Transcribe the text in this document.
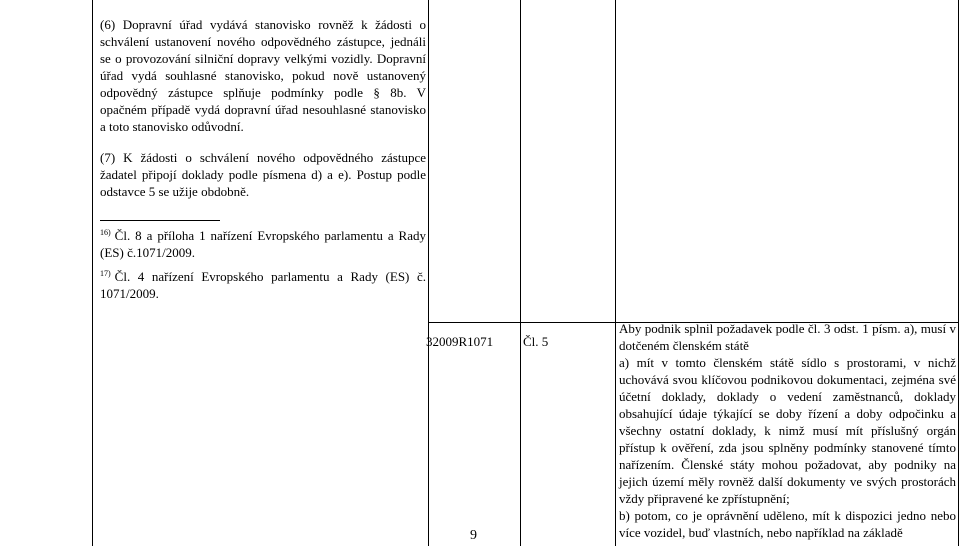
(6) Dopravní úřad vydává stanovisko rovněž k žádosti o schválení ustanovení nového odpovědného zástupce, jednáli se o provozování silniční dopravy velkými vozidly. Dopravní úřad vydá souhlasné stanovisko, pokud nově ustanovený odpovědný zástupce splňuje podmínky podle § 8b. V opačném případě vydá dopravní úřad nesouhlasné stanovisko a toto stanovisko odůvodní.

(7) K žádosti o schválení nového odpovědného zástupce žadatel připojí doklady podle písmena d) a e). Postup podle odstavce 5 se užije obdobně.

$^{16)}$ Čl. 8 a příloha 1 nařízení Evropského parlamentu a Rady (ES) č.1071/2009.

$^{17)}$ Čl. 4 nařízení Evropského parlamentu a Rady (ES) č. 1071/2009.

32009R1071 Čl. 5

Aby podnik splnil požadavek podle čl. 3 odst. 1 písm. a), musí v dotčeném členském státě

a) mít v tomto členském státě sídlo s prostorami, v nichž uchovává svou klíčovou podnikovou dokumentaci, zejména své účetní doklady, doklady o vedení zaměstnanců, doklady obsahující údaje týkající se doby řízení a doby odpočinku a všechny ostatní doklady, k nimž musí mít příslušný orgán přístup k ověření, zda jsou splněny podmínky stanovené tímto nařízením. Členské státy mohou požadovat, aby podniky na jejich území měly rovněž další dokumenty ve svých prostorách vždy připravené ke zpřístupnění;

b) potom, co je oprávnění uděleno, mít k dispozici jedno nebo více vozidel, buď vlastních, nebo například na základě

9
